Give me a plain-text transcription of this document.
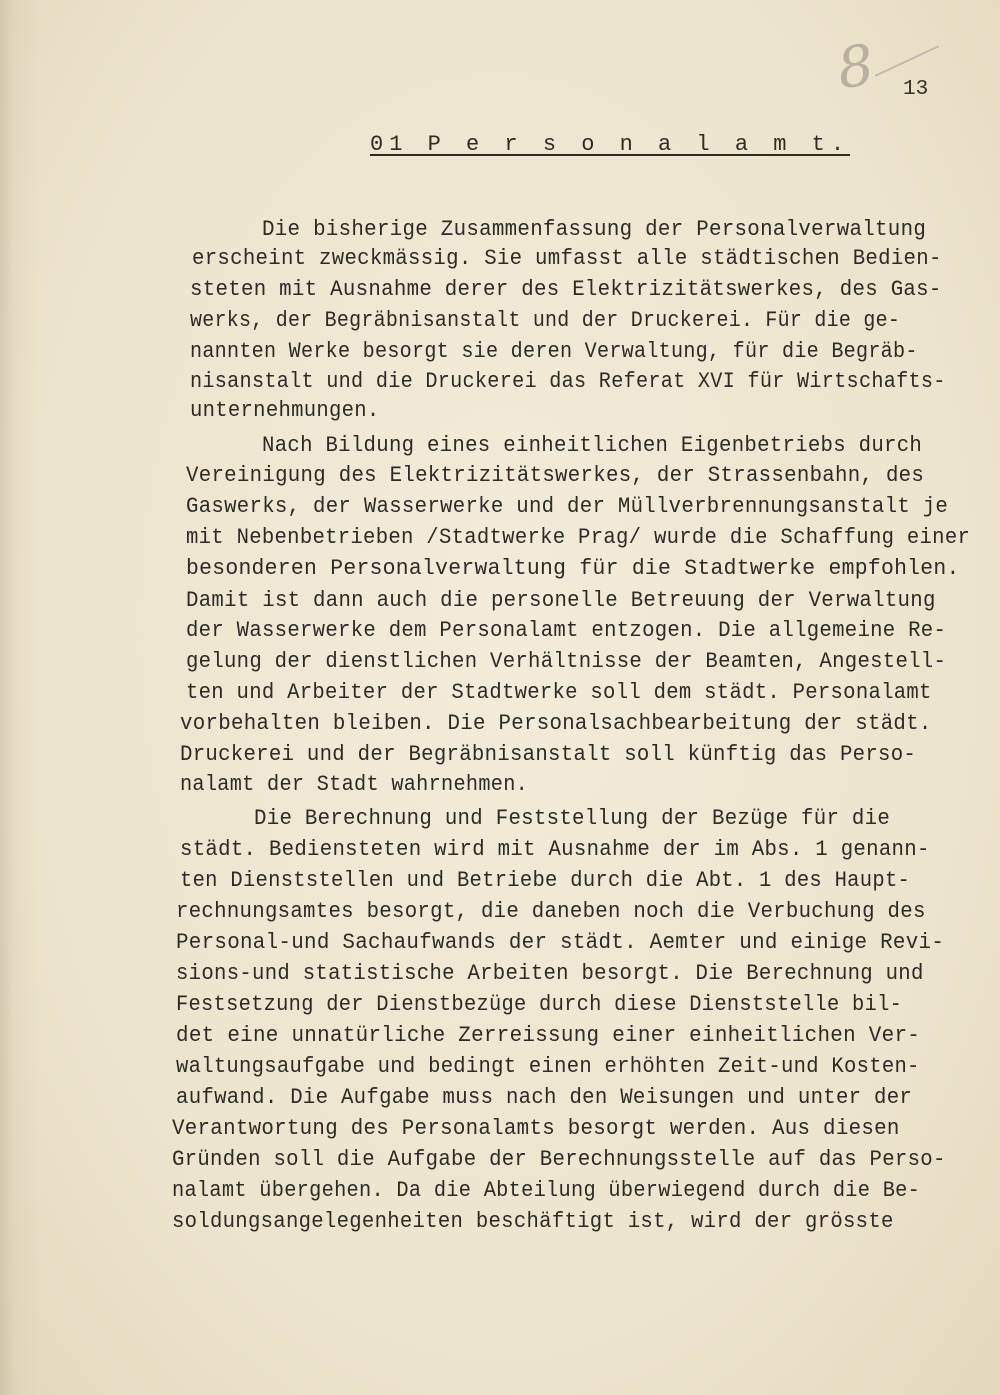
8 13
01 P e r s o n a l a m t.
Die bisherige Zusammenfassung der Personalverwaltung
erscheint zweckmässig. Sie umfasst alle städtischen Bedien-
steten mit Ausnahme derer des Elektrizitätswerkes, des Gas-
werks, der Begräbnisanstalt und der Druckerei. Für die ge-
nannten Werke besorgt sie deren Verwaltung, für die Begräb-
nisanstalt und die Druckerei das Referat XVI für Wirtschafts-
unternehmungen.
Nach Bildung eines einheitlichen Eigenbetriebs durch
Vereinigung des Elektrizitätswerkes, der Strassenbahn, des
Gaswerks, der Wasserwerke und der Müllverbrennungsanstalt je
mit Nebenbetrieben /Stadtwerke Prag/ wurde die Schaffung einer
besonderen Personalverwaltung für die Stadtwerke empfohlen.
Damit ist dann auch die personelle Betreuung der Verwaltung
der Wasserwerke dem Personalamt entzogen. Die allgemeine Re-
gelung der dienstlichen Verhältnisse der Beamten, Angestell-
ten und Arbeiter der Stadtwerke soll dem städt. Personalamt
vorbehalten bleiben. Die Personalsachbearbeitung der städt.
Druckerei und der Begräbnisanstalt soll künftig das Perso-
nalamt der Stadt wahrnehmen.
Die Berechnung und Feststellung der Bezüge für die
städt. Bediensteten wird mit Ausnahme der im Abs. 1 genann-
ten Dienststellen und Betriebe durch die Abt. 1 des Haupt-
rechnungsamtes besorgt, die daneben noch die Verbuchung des
Personal-und Sachaufwands der städt. Aemter und einige Revi-
sions-und statistische Arbeiten besorgt. Die Berechnung und
Festsetzung der Dienstbezüge durch diese Dienststelle bil-
det eine unnatürliche Zerreissung einer einheitlichen Ver-
waltungsaufgabe und bedingt einen erhöhten Zeit-und Kosten-
aufwand. Die Aufgabe muss nach den Weisungen und unter der
Verantwortung des Personalamts besorgt werden. Aus diesen
Gründen soll die Aufgabe der Berechnungsstelle auf das Perso-
nalamt übergehen. Da die Abteilung überwiegend durch die Be-
soldungsangelegenheiten beschäftigt ist, wird der grösste
